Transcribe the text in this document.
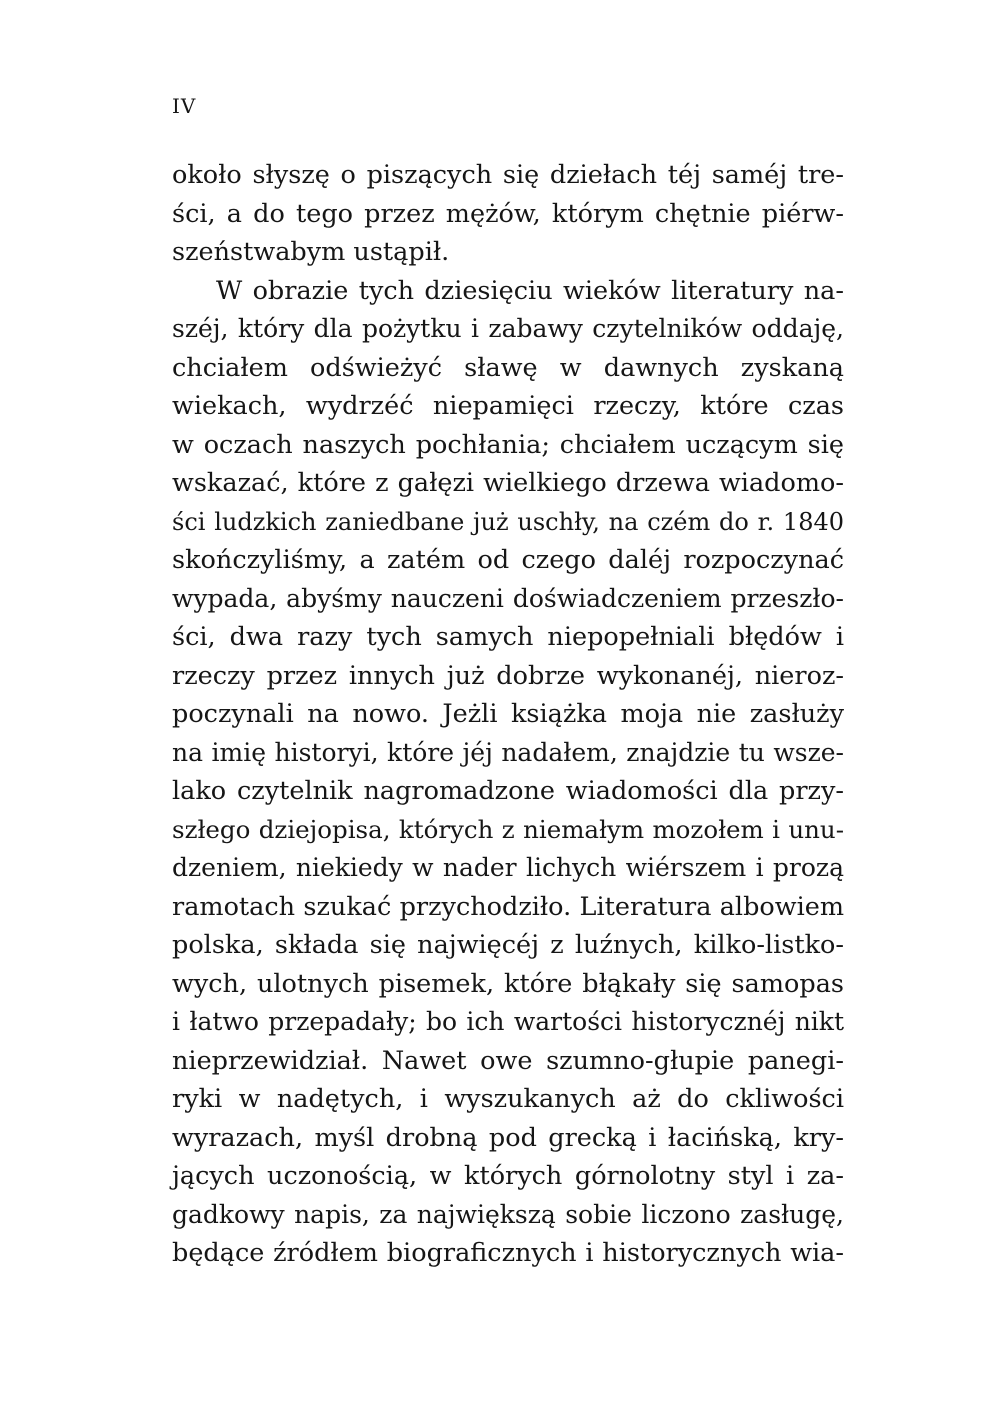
IV
około słyszę o piszących się dziełach téj saméj tre-
ści, a do tego przez mężów, którym chętnie piérw-
szeństwabym ustąpił.
W obrazie tych dziesięciu wieków literatury na-
széj, który dla pożytku i zabawy czytelników oddaję,
chciałem odświeżyć sławę w dawnych zyskaną
wiekach, wydrzéć niepamięci rzeczy, które czas
w oczach naszych pochłania; chciałem uczącym się
wskazać, które z gałęzi wielkiego drzewa wiadomo-
ści ludzkich zaniedbane już uschły, na czém do r. 1840
skończyliśmy, a zatém od czego daléj rozpoczynać
wypada, abyśmy nauczeni doświadczeniem przeszło-
ści, dwa razy tych samych niepopełniali błędów i
rzeczy przez innych już dobrze wykonanéj, nieroz-
poczynali na nowo. Jeżli książka moja nie zasłuży
na imię historyi, które jéj nadałem, znajdzie tu wsze-
lako czytelnik nagromadzone wiadomości dla przy-
szłego dziejopisa, których z niemałym mozołem i unu-
dzeniem, niekiedy w nader lichych wiérszem i prozą
ramotach szukać przychodziło. Literatura albowiem
polska, składa się najwięcéj z luźnych, kilko-listko-
wych, ulotnych pisemek, które błąkały się samopas
i łatwo przepadały; bo ich wartości historycznéj nikt
nieprzewidział. Nawet owe szumno-głupie panegi-
ryki w nadętych, i wyszukanych aż do ckliwości
wyrazach, myśl drobną pod grecką i łacińską, kry-
jących uczonością, w których górnolotny styl i za-
gadkowy napis, za największą sobie liczono zasługę,
będące źródłem biograficznych i historycznych wia-
